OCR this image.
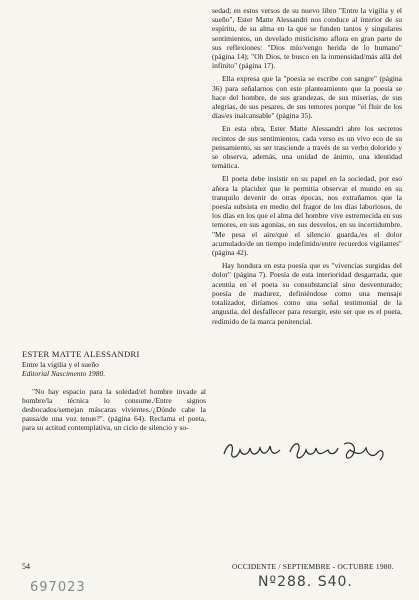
ESTER MATTE ALESSANDRI
Entre la vigilia y el sueño
Editorial Nascimento 1980.

"No hay espacio para la soledad/el hombre invade al hombre/la técnica lo consume./Entre signos desbocados/semejan máscaras vivientes./¿Dónde cabe la pausa/de una voz tenue?". (página 64). Reclama el poeta, para su actitud contemplativa, un ciclo de silencio y so-

sedad; en estos versos de su nuevo libro "Entre la vigilia y el sueño", Ester Matte Alessandri nos conduce al interior de su espíritu, de su alma en la que se funden tantos y singulares sentimientos, un develado misticismo aflora en gran parte de sus reflexiones: "Dios mío/vengo herida de lo humano" (página 14); "Oh Dios, te busco en la inmensidad/más allá del infinito" (página 17).

Ella expresa que la "poesía se escribe con sangre" (página 36) para señalarnos con este planteamiento que la poesía se hace del hombre, de sus grandezas, de sus miserias, de sus alegrías, de sus pesares, de sus temores porque "el fluir de los días/es inalcansable" (página 35).

En esta obra, Ester Matte Alessandri abre los secretos recintos de sus sentimientos, cada verso es un vivo eco de su pensamiento, su ser trasciende a través de su verbo dolorido y se observa, además, una unidad de ánimo, una identidad temática.

El poeta debe insistir en su papel en la sociedad, por eso añora la placidez que le permitía observar el mundo en su tranquilo devenir de otras épocas, nos extrañamos que la poesía subsista en medio del fragor de los días laboriosos, de los días en los que el alma del hombre vive estremecida en sus temores, en sus agonías, en sus desvelos, en su incertidumbre. "Me pesa el aire/que el silencio guarda,/es el dolor acumulado/de un tiempo indefinido/entre recuerdos vigilantes" (página 42).

Hay hondura en esta poesía que es "vivencias surgidas del dolor" (página 7). Poesía de esta interioridad desgarrada, que acentúa en el poeta su consubstancial sino desventurado; poesía de madurez, definiéndose como una mensaje totalizador, diríamos como una señal testimonial de la angustia, del desfallecer para resurgir, este ser que es el poeta, redimido de la marca penitencial.

54	OCCIDENTE / SEPTIEMBRE - OCTUBRE 1980.
Nº288. S40.
697023
